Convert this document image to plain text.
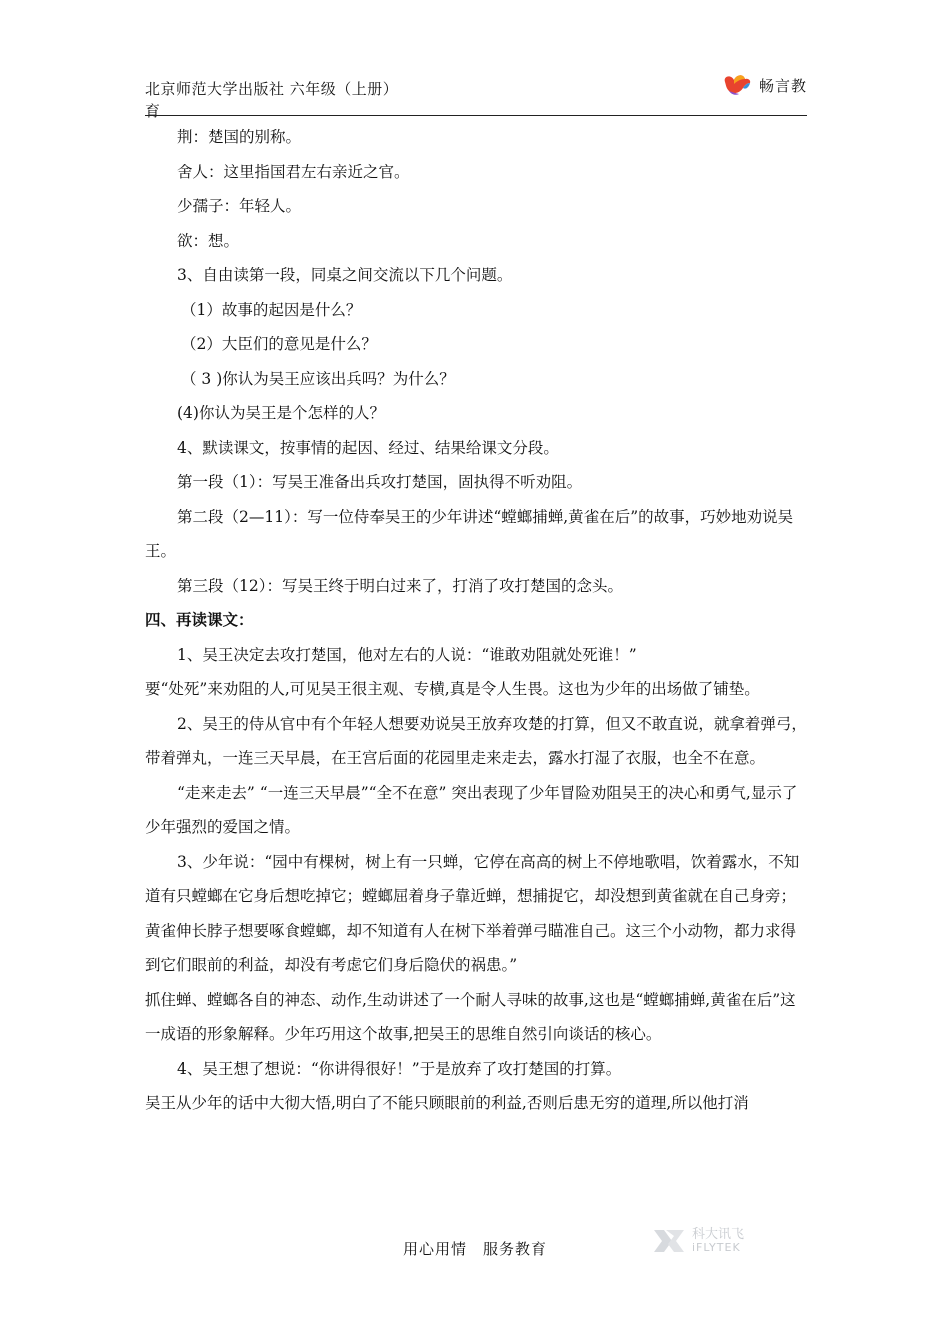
北京师范大学出版社 六年级（上册）
育
畅言教

荆：楚国的别称。

舍人：这里指国君左右亲近之官。

少孺子：年轻人。

欲：想。

3、自由读第一段，同桌之间交流以下几个问题。

（1）故事的起因是什么？

（2）大臣们的意见是什么？

（ 3 )你认为吴王应该出兵吗？为什么？

(4)你认为吴王是个怎样的人？

4、默读课文，按事情的起因、经过、结果给课文分段。

第一段（1）：写吴王准备出兵攻打楚国，固执得不听劝阻。

第二段（2—11）：写一位侍奉吴王的少年讲述“螳螂捕蝉,黄雀在后”的故事，巧妙地劝说吴王。

第三段（12）：写吴王终于明白过来了，打消了攻打楚国的念头。

四、再读课文：

1、吴王决定去攻打楚国，他对左右的人说：“谁敢劝阻就处死谁！”

要“处死”来劝阻的人,可见吴王很主观、专横,真是令人生畏。这也为少年的出场做了铺垫。

2、吴王的侍从官中有个年轻人想要劝说吴王放弃攻楚的打算，但又不敢直说，就拿着弹弓，带着弹丸，一连三天早晨，在王宫后面的花园里走来走去，露水打湿了衣服，也全不在意。

“走来走去” “一连三天早晨”“全不在意” 突出表现了少年冒险劝阻吴王的决心和勇气,显示了少年强烈的爱国之情。

3、少年说：“园中有棵树，树上有一只蝉，它停在高高的树上不停地歌唱，饮着露水，不知道有只螳螂在它身后想吃掉它；螳螂屈着身子靠近蝉，想捕捉它，却没想到黄雀就在自己身旁；黄雀伸长脖子想要啄食螳螂，却不知道有人在树下举着弹弓瞄准自己。这三个小动物，都力求得到它们眼前的利益，却没有考虑它们身后隐伏的祸患。”

抓住蝉、螳螂各自的神态、动作,生动讲述了一个耐人寻味的故事,这也是“螳螂捕蝉,黄雀在后”这一成语的形象解释。少年巧用这个故事,把吴王的思维自然引向谈话的核心。

4、吴王想了想说：“你讲得很好！”于是放弃了攻打楚国的打算。

吴王从少年的话中大彻大悟,明白了不能只顾眼前的利益,否则后患无穷的道理,所以他打消

用心用情　服务教育
科大讯飞
iFLYTEK
